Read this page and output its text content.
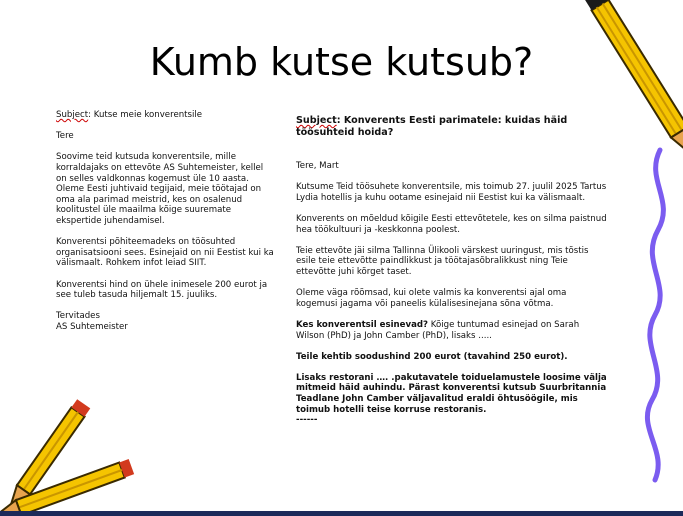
Kumb kutse kutsub?
Subject: Kutse meie konverentsile
Tere
Soovime teid kutsuda konverentsile, mille korraldajaks on ettevõte AS Suhtemeister, kellel on selles valdkonnas kogemust üle 10 aasta. Oleme Eesti juhtivaid tegijaid, meie töötajad on oma ala parimad meistrid, kes on osalenud koolitustel üle maailma kõige suuremate ekspertide juhendamisel.
Konverentsi põhiteemadeks on töösuhted organisatsiooni sees. Esinejaid on nii Eestist kui ka välismaalt. Rohkem infot leiad SIIT.
Konverentsi hind on ühele inimesele 200 eurot ja see tuleb tasuda hiljemalt 15. juuliks.
Tervitades
AS Suhtemeister
Subject: Konverents Eesti parimatele: kuidas häid töösuhteid hoida?
Tere, Mart
Kutsume Teid töösuhete konverentsile, mis toimub 27. juulil 2025 Tartus Lydia hotellis ja kuhu ootame esinejaid nii Eestist kui ka välismaalt.
Konverents on mõeldud kõigile Eesti ettevõtetele, kes on silma paistnud hea töökultuuri ja -keskkonna poolest.
Teie ettevõte jäi silma Tallinna Ülikooli värskest uuringust, mis tõstis esile teie ettevõtte paindlikkust ja töötajasõbralikkust ning Teie ettevõtte juhi kõrget taset.
Oleme väga rõõmsad, kui olete valmis ka konverentsi ajal oma kogemusi jagama või paneelis külalisesinejana sõna võtma.
Kes konverentsil esinevad? Kõige tuntumad esinejad on Sarah Wilson (PhD) ja John Camber (PhD), lisaks .....
Teile kehtib soodushind 200 eurot (tavahind 250 eurot).
Lisaks restorani …. .pakutavatele toiduelamustele loosime välja mitmeid häid auhindu. Pärast konverentsi kutsub Suurbritannia Teadlane John Camber väljavalitud eraldi õhtusöögile, mis toimub hotelli teise korruse restoranis.
------
